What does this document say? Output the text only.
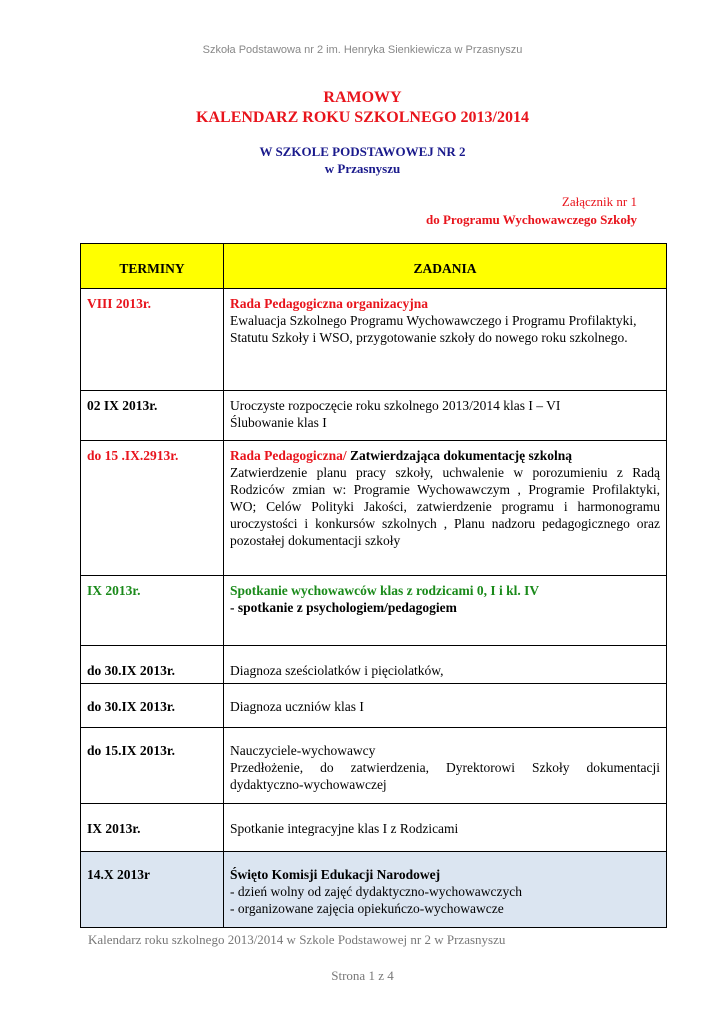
Szkoła Podstawowa nr 2 im. Henryka Sienkiewicza w Przasnyszu
RAMOWY
KALENDARZ ROKU SZKOLNEGO 2013/2014
W SZKOLE PODSTAWOWEJ NR 2
w Przasnyszu
Załącznik nr 1
do Programu Wychowawczego Szkoły
TERMINY	ZADANIA
VIII 2013r.	Rada Pedagogiczna organizacyjna
Ewaluacja Szkolnego Programu Wychowawczego i Programu Profilaktyki,
Statutu Szkoły i WSO, przygotowanie szkoły do nowego roku szkolnego.

02 IX 2013r.	Uroczyste rozpoczęcie roku szkolnego 2013/2014 klas I – VI
Ślubowanie klas I

do 15 .IX.2913r.	Rada Pedagogiczna/ Zatwierdzająca dokumentację szkolną
Zatwierdzenie planu pracy szkoły, uchwalenie w porozumieniu z Radą Rodziców zmian w: Programie Wychowawczym , Programie Profilaktyki, WO; Celów Polityki Jakości, zatwierdzenie programu i harmonogramu uroczystości i konkursów szkolnych , Planu nadzoru pedagogicznego oraz pozostałej dokumentacji szkoły

IX 2013r.	Spotkanie wychowawców klas z rodzicami 0, I i kl. IV
- spotkanie z psychologiem/pedagogiem

do 30.IX 2013r.	Diagnoza sześciolatków i pięciolatków,

do 30.IX 2013r.	Diagnoza uczniów klas I

do 15.IX 2013r.	Nauczyciele-wychowawcy
Przedłożenie, do zatwierdzenia, Dyrektorowi Szkoły dokumentacji dydaktyczno-wychowawczej

IX 2013r.	Spotkanie integracyjne klas I z Rodzicami

14.X 2013r	Święto Komisji Edukacji Narodowej
- dzień wolny od zajęć dydaktyczno-wychowawczych
- organizowane zajęcia opiekuńczo-wychowawcze
Kalendarz roku szkolnego 2013/2014 w Szkole Podstawowej nr 2 w Przasnyszu
Strona 1 z 4
